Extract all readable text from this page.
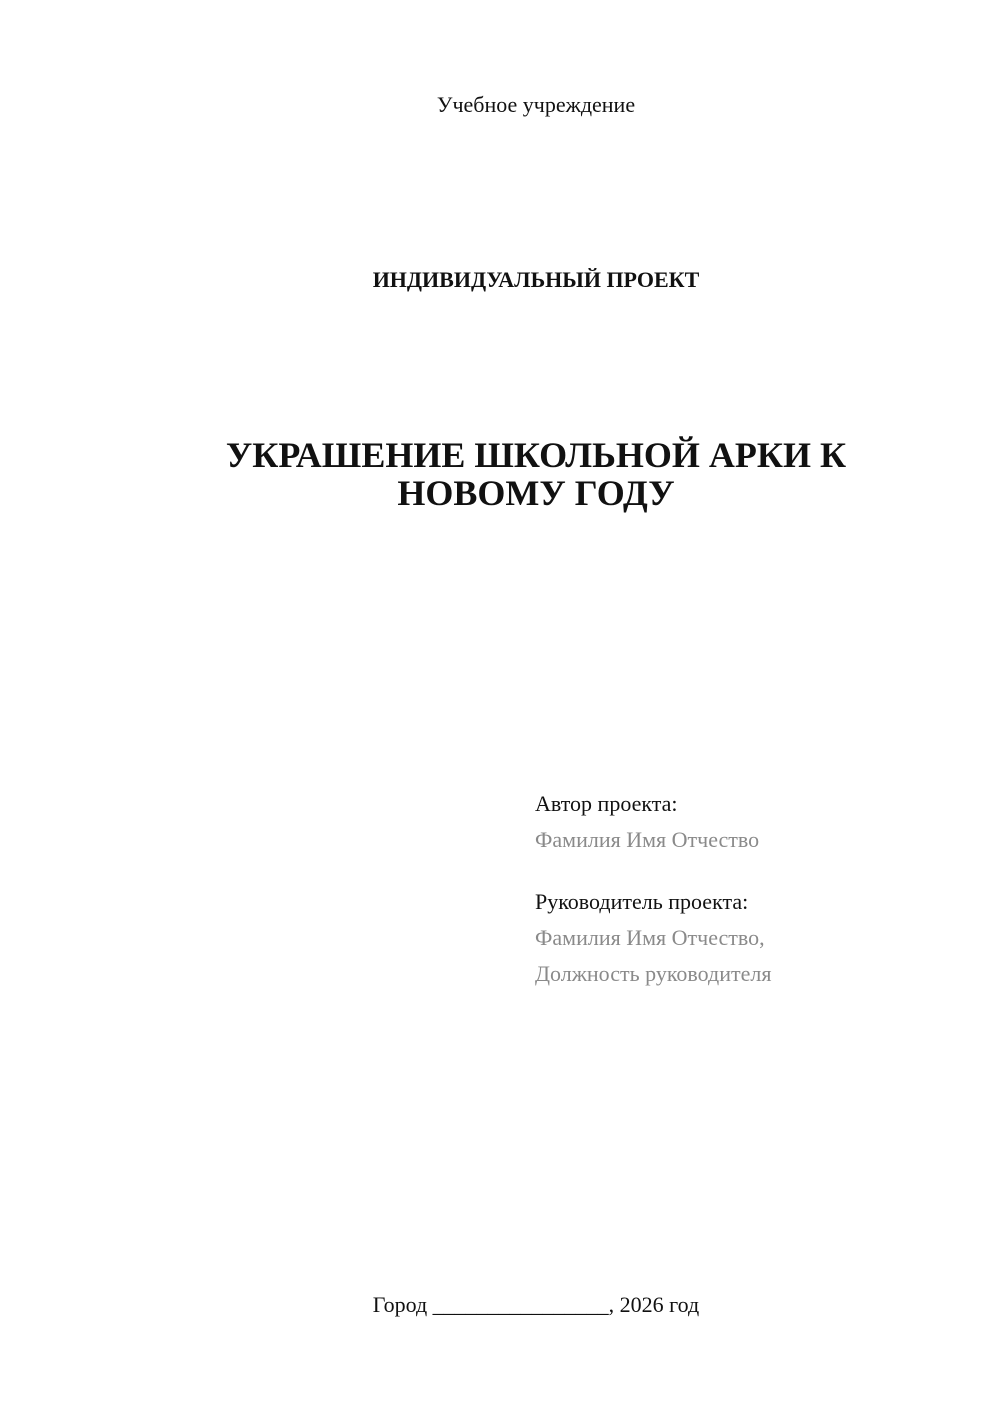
Учебное учреждение
ИНДИВИДУАЛЬНЫЙ ПРОЕКТ
УКРАШЕНИЕ ШКОЛЬНОЙ АРКИ К
НОВОМУ ГОДУ
Автор проекта:
Фамилия Имя Отчество
Руководитель проекта:
Фамилия Имя Отчество,
Должность руководителя
Город ________________, 2026 год
